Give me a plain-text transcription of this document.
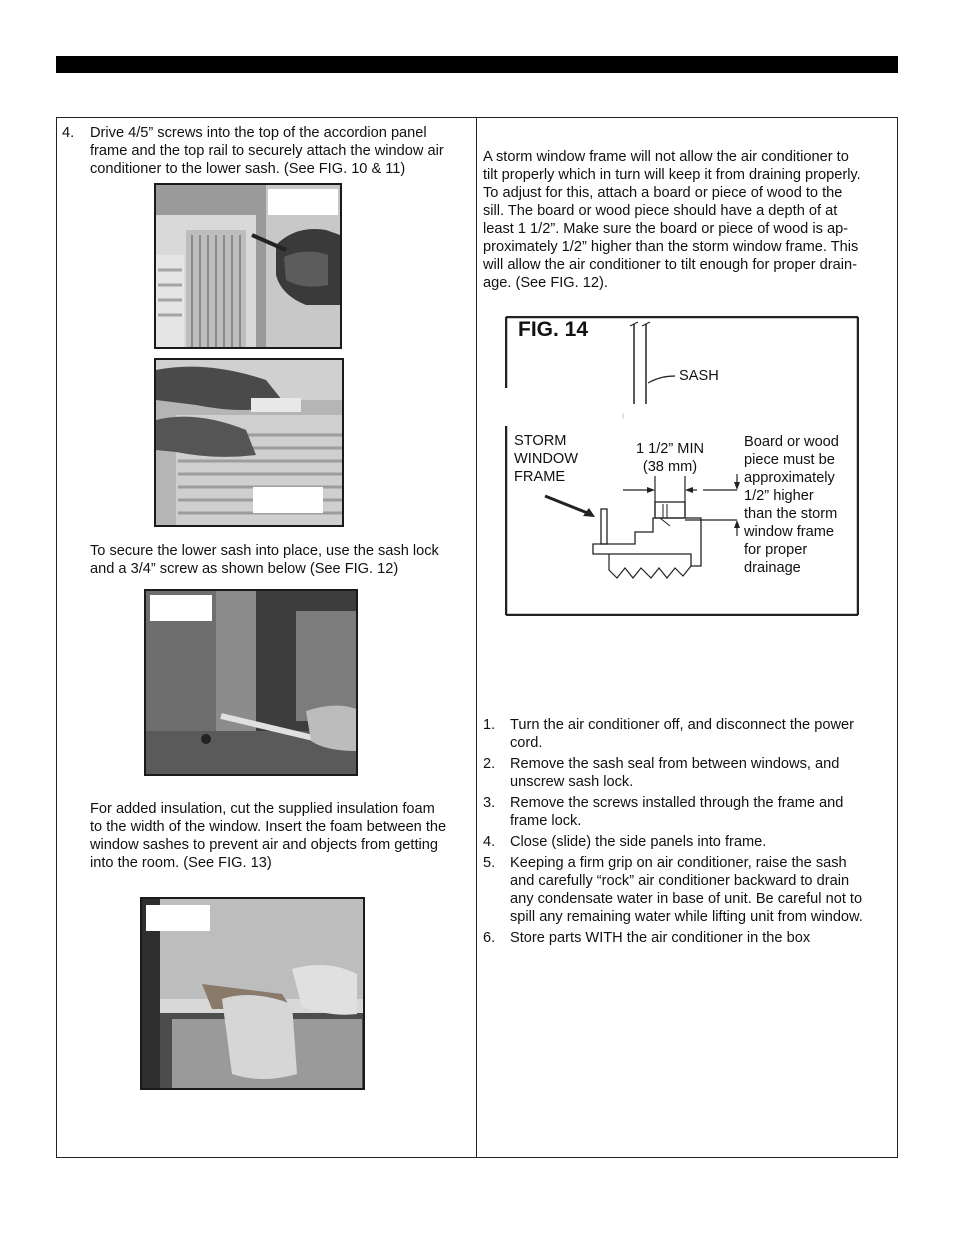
4. Drive 4/5” screws into the top of the accordion panel
frame and the top rail to securely attach the window air
conditioner to the lower sash. (See FIG. 10 & 11)
To secure the lower sash into place, use the sash lock
and a 3/4” screw as shown below (See FIG. 12)
For added insulation, cut the supplied insulation foam
to the width of the window. Insert the foam between the
window sashes to prevent air and objects from getting
into the room. (See FIG. 13)
A storm window frame will not allow the air conditioner to
tilt properly which in turn will keep it from draining properly.
To adjust for this, attach a board or piece of wood to the
sill. The board or wood piece should have a depth of at
least 1 1/2”. Make sure the board or piece of wood is ap-
proximately 1/2” higher than the storm window frame. This
will allow the air conditioner to tilt enough for proper drain-
age. (See FIG. 12).
FIG. 14
SASH
STORM
WINDOW
FRAME
1 1/2” MIN
(38 mm)
Board or wood
piece must be
approximately
1/2” higher
than the storm
window frame
for proper
drainage
1. Turn the air conditioner off, and disconnect the power
cord.
2. Remove the sash seal from between windows, and
unscrew sash lock.
3. Remove the screws installed through the frame and
frame lock.
4. Close (slide) the side panels into frame.
5. Keeping a firm grip on air conditioner, raise the sash
and carefully “rock” air conditioner backward to drain
any condensate water in base of unit. Be careful not to
spill any remaining water while lifting unit from window.
6. Store parts WITH the air conditioner in the box
